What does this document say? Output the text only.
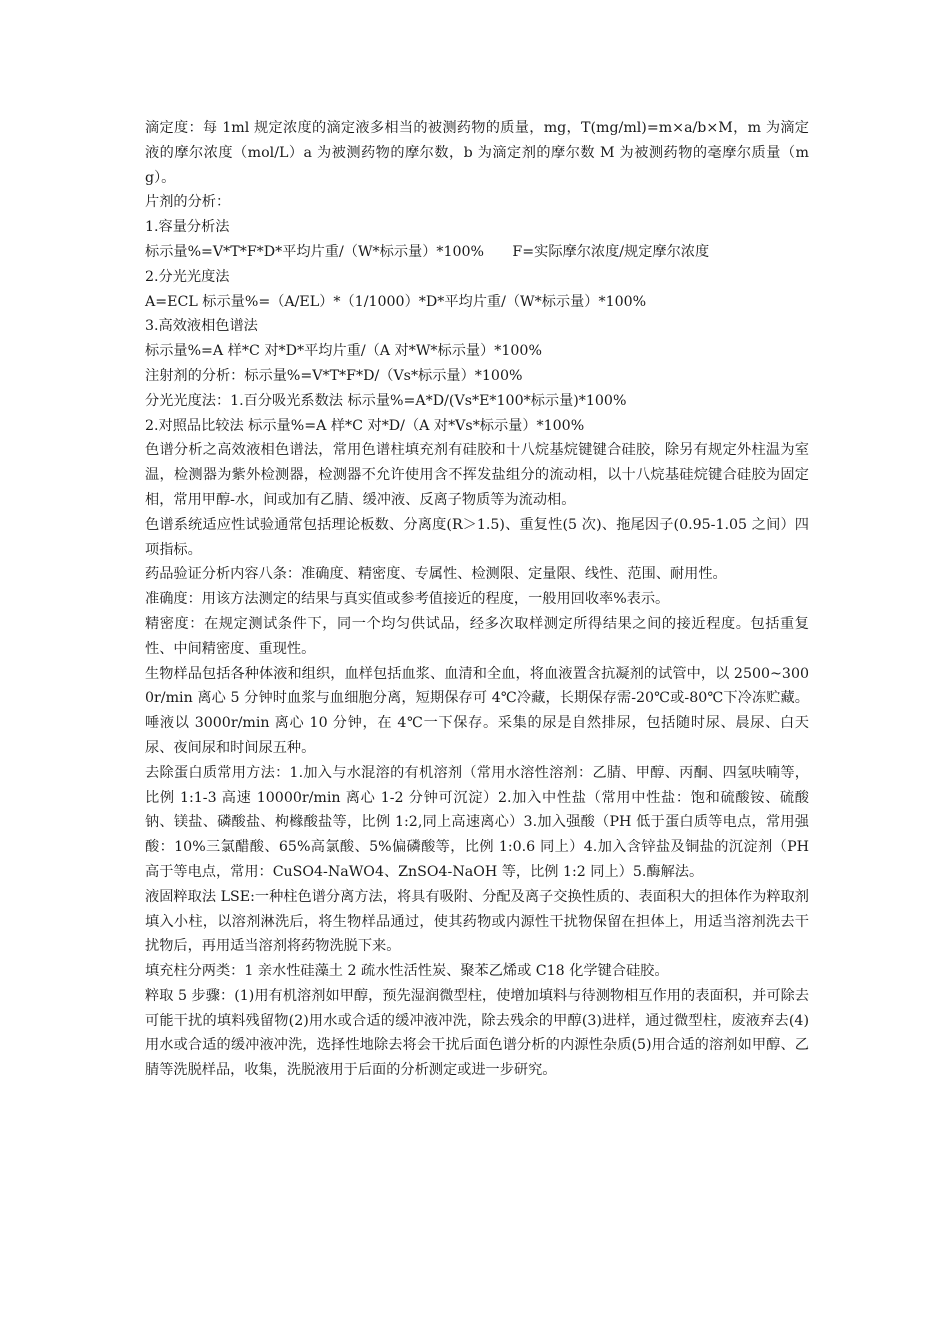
滴定度：每 1ml 规定浓度的滴定液多相当的被测药物的质量，mg，T(mg/ml)=m×a/b×M，m 为滴定液的摩尔浓度（mol/L）a 为被测药物的摩尔数，b 为滴定剂的摩尔数 M 为被测药物的毫摩尔质量（mg）。

片剂的分析：

1.容量分析法

标示量%=V*T*F*D*平均片重/（W*标示量）*100%　　F=实际摩尔浓度/规定摩尔浓度

2.分光光度法

A=ECL 标示量%=（A/EL）*（1/1000）*D*平均片重/（W*标示量）*100%

3.高效液相色谱法

标示量%=A 样*C 对*D*平均片重/（A 对*W*标示量）*100%

注射剂的分析：标示量%=V*T*F*D/（Vs*标示量）*100%

分光光度法：1.百分吸光系数法 标示量%=A*D/(Vs*E*100*标示量)*100%

2.对照品比较法 标示量%=A 样*C 对*D/（A 对*Vs*标示量）*100%

色谱分析之高效液相色谱法，常用色谱柱填充剂有硅胶和十八烷基烷键键合硅胶，除另有规定外柱温为室温，检测器为紫外检测器，检测器不允许使用含不挥发盐组分的流动相，以十八烷基硅烷键合硅胶为固定相，常用甲醇-水，间或加有乙腈、缓冲液、反离子物质等为流动相。

色谱系统适应性试验通常包括理论板数、分离度(R＞1.5)、重复性(5 次)、拖尾因子(0.95-1.05 之间）四项指标。

药品验证分析内容八条：准确度、精密度、专属性、检测限、定量限、线性、范围、耐用性。

准确度：用该方法测定的结果与真实值或参考值接近的程度，一般用回收率%表示。

精密度：在规定测试条件下，同一个均匀供试品，经多次取样测定所得结果之间的接近程度。包括重复性、中间精密度、重现性。

生物样品包括各种体液和组织，血样包括血浆、血清和全血，将血液置含抗凝剂的试管中，以 2500~3000r/min 离心 5 分钟时血浆与血细胞分离，短期保存可 4℃冷藏，长期保存需-20℃或-80℃下冷冻贮藏。唾液以 3000r/min 离心 10 分钟，在 4℃一下保存。采集的尿是自然排尿，包括随时尿、晨尿、白天尿、夜间尿和时间尿五种。

去除蛋白质常用方法：1.加入与水混溶的有机溶剂（常用水溶性溶剂：乙腈、甲醇、丙酮、四氢呋喃等，比例 1:1-3 高速 10000r/min 离心 1-2 分钟可沉淀）2.加入中性盐（常用中性盐：饱和硫酸铵、硫酸钠、镁盐、磷酸盐、枸橼酸盐等，比例 1:2,同上高速离心）3.加入强酸（PH 低于蛋白质等电点，常用强酸：10%三氯醋酸、65%高氯酸、5%偏磷酸等，比例 1:0.6 同上）4.加入含锌盐及铜盐的沉淀剂（PH 高于等电点，常用：CuSO4-NaWO4、ZnSO4-NaOH 等，比例 1:2 同上）5.酶解法。

液固粹取法 LSE:一种柱色谱分离方法，将具有吸附、分配及离子交换性质的、表面积大的担体作为粹取剂填入小柱，以溶剂淋洗后，将生物样品通过，使其药物或内源性干扰物保留在担体上，用适当溶剂洗去干扰物后，再用适当溶剂将药物洗脱下来。

填充柱分两类：1 亲水性硅藻土 2 疏水性活性炭、聚苯乙烯或 C18 化学键合硅胶。

粹取 5 步骤：(1)用有机溶剂如甲醇，预先湿润微型柱，使增加填料与待测物相互作用的表面积，并可除去可能干扰的填料残留物(2)用水或合适的缓冲液冲洗，除去残余的甲醇(3)进样，通过微型柱，废液弃去(4)用水或合适的缓冲液冲洗，选择性地除去将会干扰后面色谱分析的内源性杂质(5)用合适的溶剂如甲醇、乙腈等洗脱样品，收集，洗脱液用于后面的分析测定或进一步研究。
